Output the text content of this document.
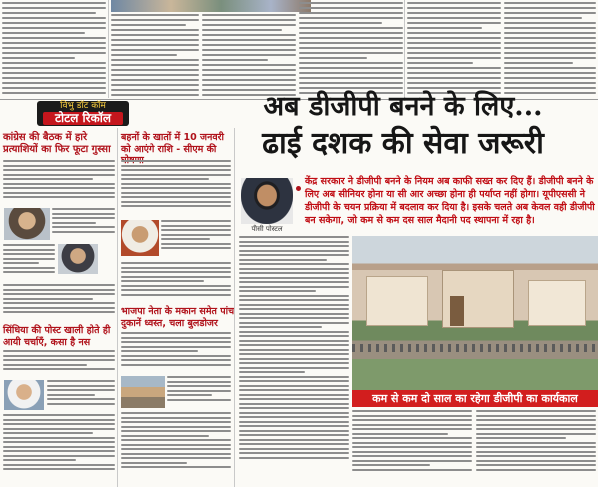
विभु डॉट कॉम
टोटल रिकॉल
कांग्रेस की बैठक में हारे प्रत्याशियों का फिर फूटा गुस्सा
सिंधिया की पोस्ट खाली होते ही आयी चर्चाएँ, कसा है नस
बहनों के खातों में 10 जनवरी को आएंगे राशि - सीएम की
भाजपा नेता के मकान समेत पांच दुकानें ध्वस्त, चला बुलडोजर
अब डीजीपी बनने के लिए...
ढाई दशक की सेवा जरूरी
पीसी पोस्टल
केंद्र सरकार ने डीजीपी बनने के नियम अब काफी सख्त कर दिए हैं। डीजीपी बनने के लिए अब सीनियर होना या सी आर अच्छा होना ही पर्याप्त नहीं होगा। यूपीएससी ने डीजीपी के चयन प्रक्रिया में बदलाव कर दिया है। इसके चलते अब केवल वही डीजीपी बन सकेगा, जो कम से कम दस साल मैदानी पद स्थापना में रहा है।
कम से कम दो साल का रहेगा डीजीपी का कार्यकाल
